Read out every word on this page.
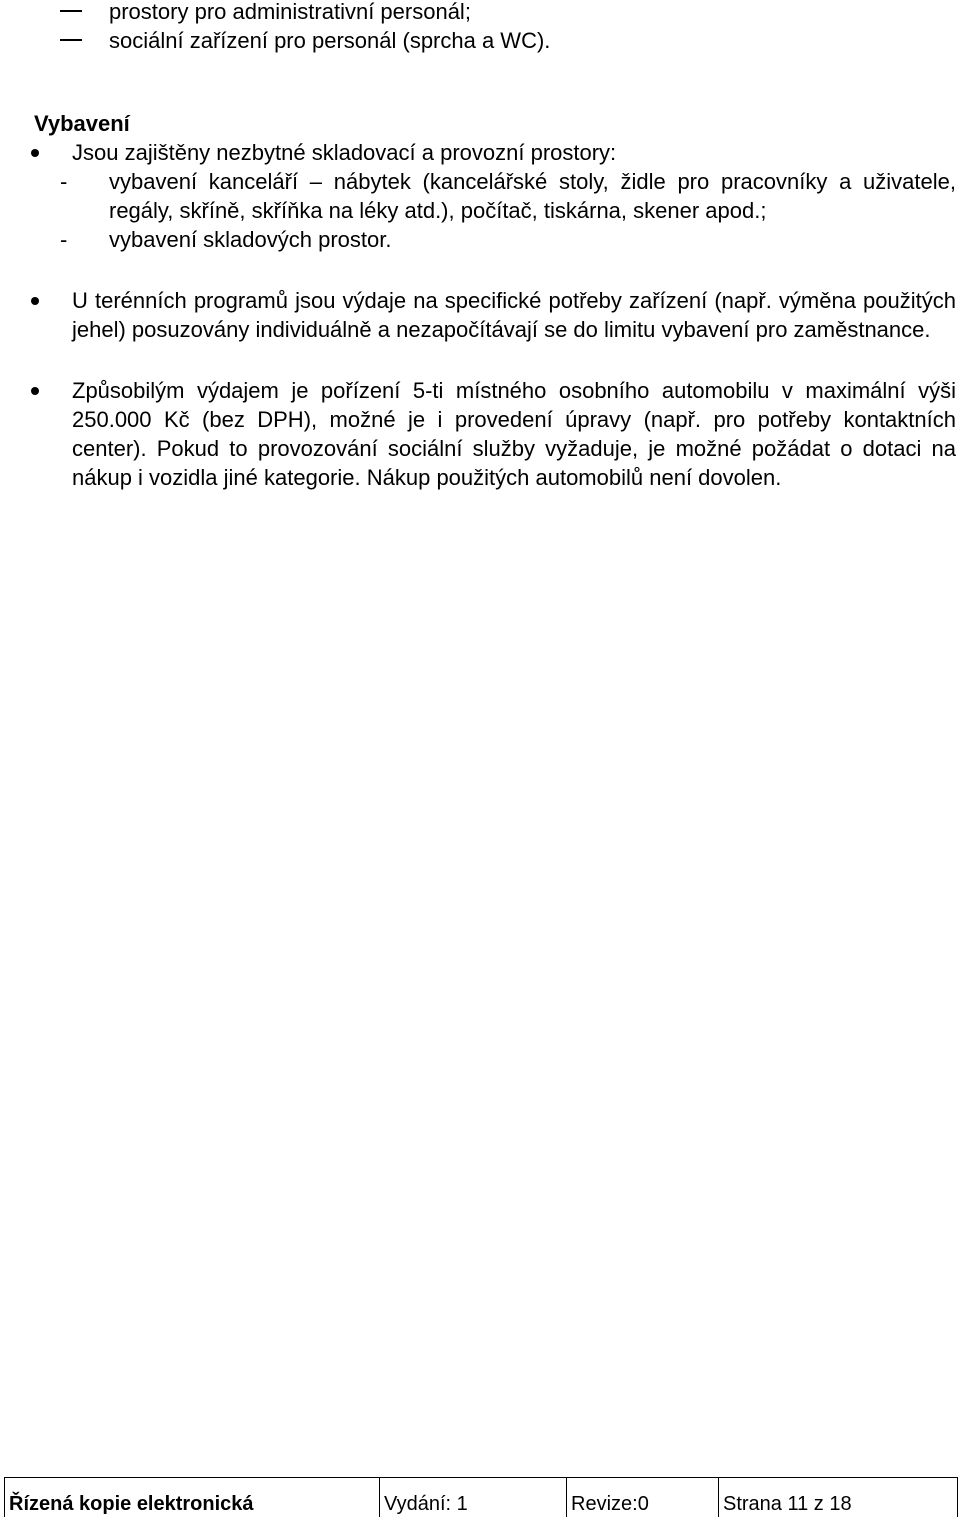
prostory pro administrativní personál;
sociální zařízení pro personál (sprcha a WC).
Vybavení
Jsou zajištěny nezbytné skladovací a provozní prostory:
- vybavení kanceláří – nábytek (kancelářské stoly, židle pro pracovníky a uživatele, regály, skříně, skříňka na léky atd.), počítač, tiskárna, skener apod.;
- vybavení skladových prostor.
U terénních programů jsou výdaje na specifické potřeby zařízení (např. výměna použitých jehel) posuzovány individuálně a nezapočítávají se do limitu vybavení pro zaměstnance.
Způsobilým výdajem je pořízení 5-ti místného osobního automobilu v maximální výši 250.000 Kč (bez DPH), možné je i provedení úpravy (např. pro potřeby kontaktních center). Pokud to provozování sociální služby vyžaduje, je možné požádat o dotaci na nákup i vozidla jiné kategorie. Nákup použitých automobilů není dovolen.
Řízená kopie elektronická	Vydání: 1	Revize:0	Strana 11 z 18
